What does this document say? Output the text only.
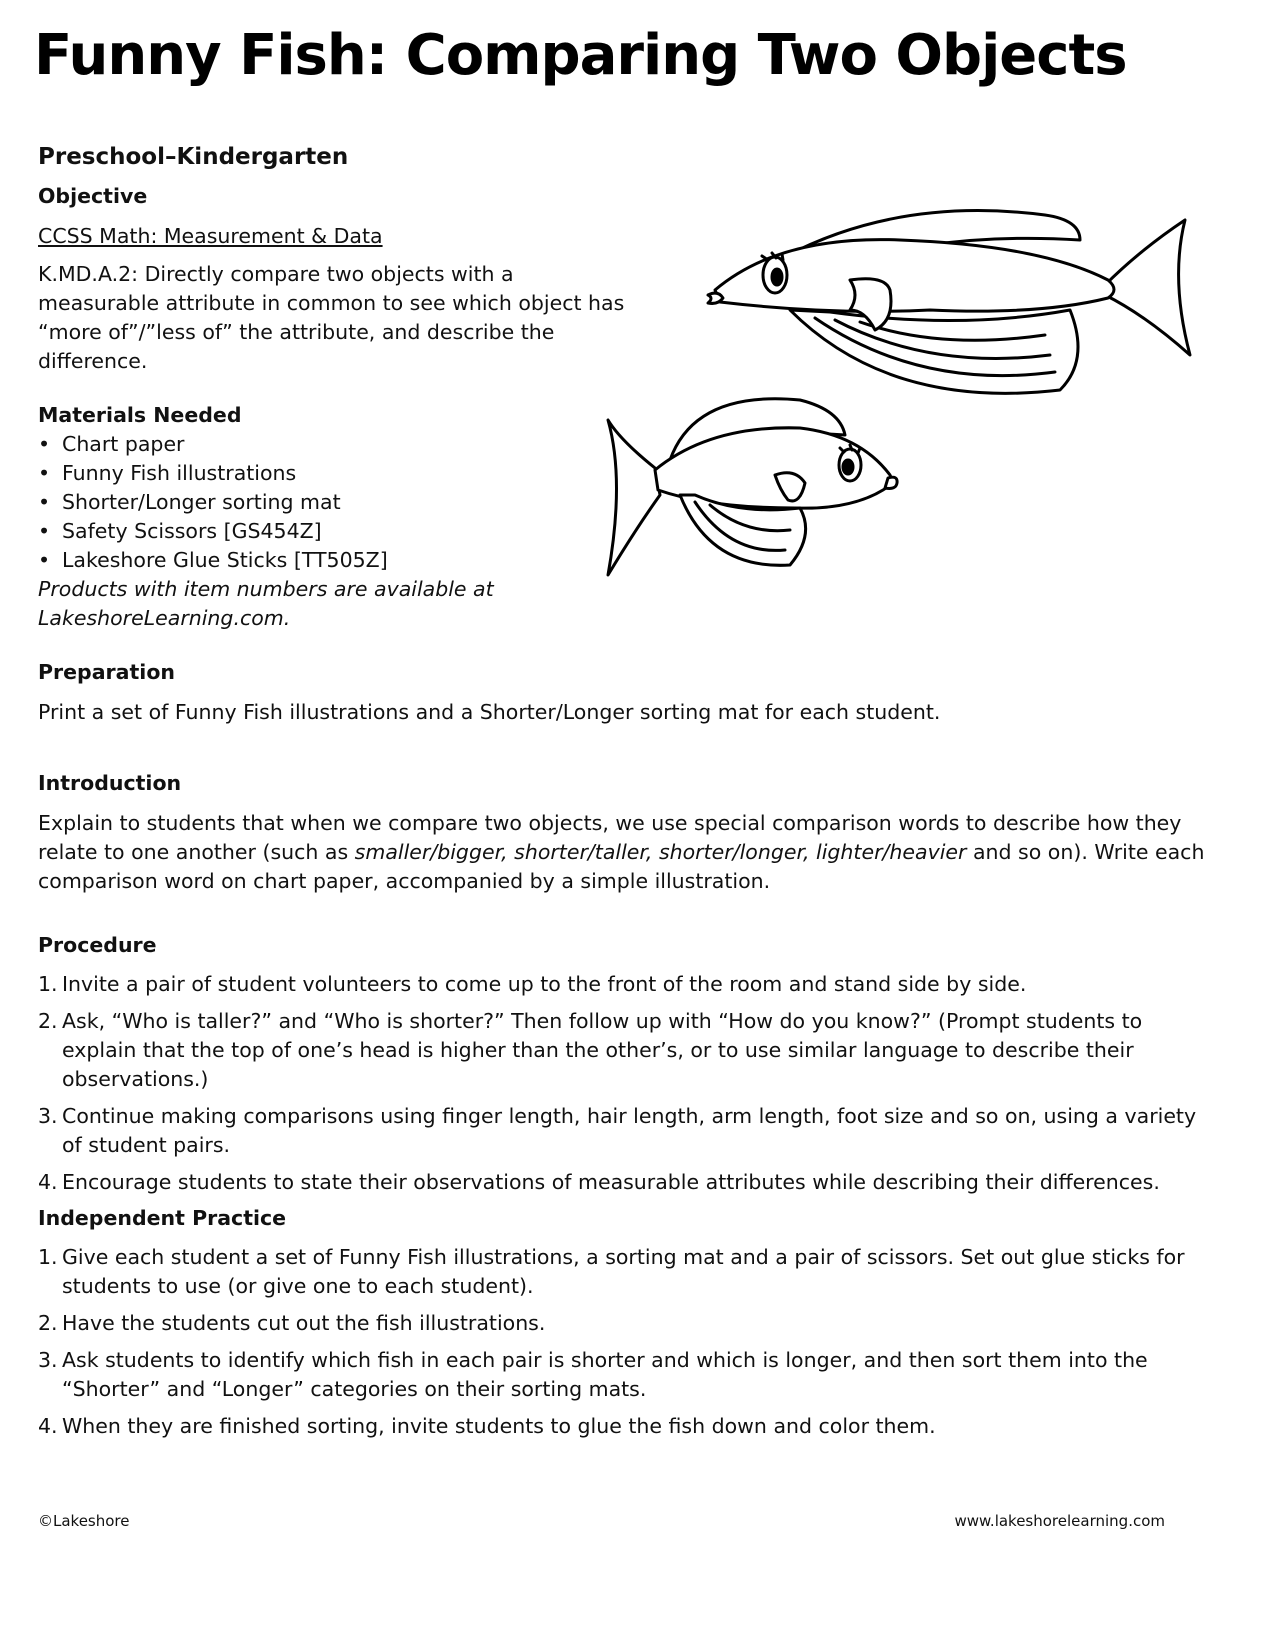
Funny Fish: Comparing Two Objects
Preschool–Kindergarten
Objective
CCSS Math: Measurement & Data
K.MD.A.2: Directly compare two objects with a measurable attribute in common to see which object has “more of”/”less of” the attribute, and describe the difference.
Materials Needed
• Chart paper
• Funny Fish illustrations
• Shorter/Longer sorting mat
• Safety Scissors [GS454Z]
• Lakeshore Glue Sticks [TT505Z]
Products with item numbers are available at LakeshoreLearning.com.
Preparation
Print a set of Funny Fish illustrations and a Shorter/Longer sorting mat for each student.
Introduction
Explain to students that when we compare two objects, we use special comparison words to describe how they relate to one another (such as smaller/bigger, shorter/taller, shorter/longer, lighter/heavier and so on). Write each comparison word on chart paper, accompanied by a simple illustration.
Procedure
1. Invite a pair of student volunteers to come up to the front of the room and stand side by side.
2. Ask, “Who is taller?” and “Who is shorter?” Then follow up with “How do you know?” (Prompt students to explain that the top of one’s head is higher than the other’s, or to use similar language to describe their observations.)
3. Continue making comparisons using finger length, hair length, arm length, foot size and so on, using a variety of student pairs.
4. Encourage students to state their observations of measurable attributes while describing their differences.
Independent Practice
1. Give each student a set of Funny Fish illustrations, a sorting mat and a pair of scissors. Set out glue sticks for students to use (or give one to each student).
2. Have the students cut out the fish illustrations.
3. Ask students to identify which fish in each pair is shorter and which is longer, and then sort them into the “Shorter” and “Longer” categories on their sorting mats.
4. When they are finished sorting, invite students to glue the fish down and color them.
©Lakeshore	www.lakeshorelearning.com
